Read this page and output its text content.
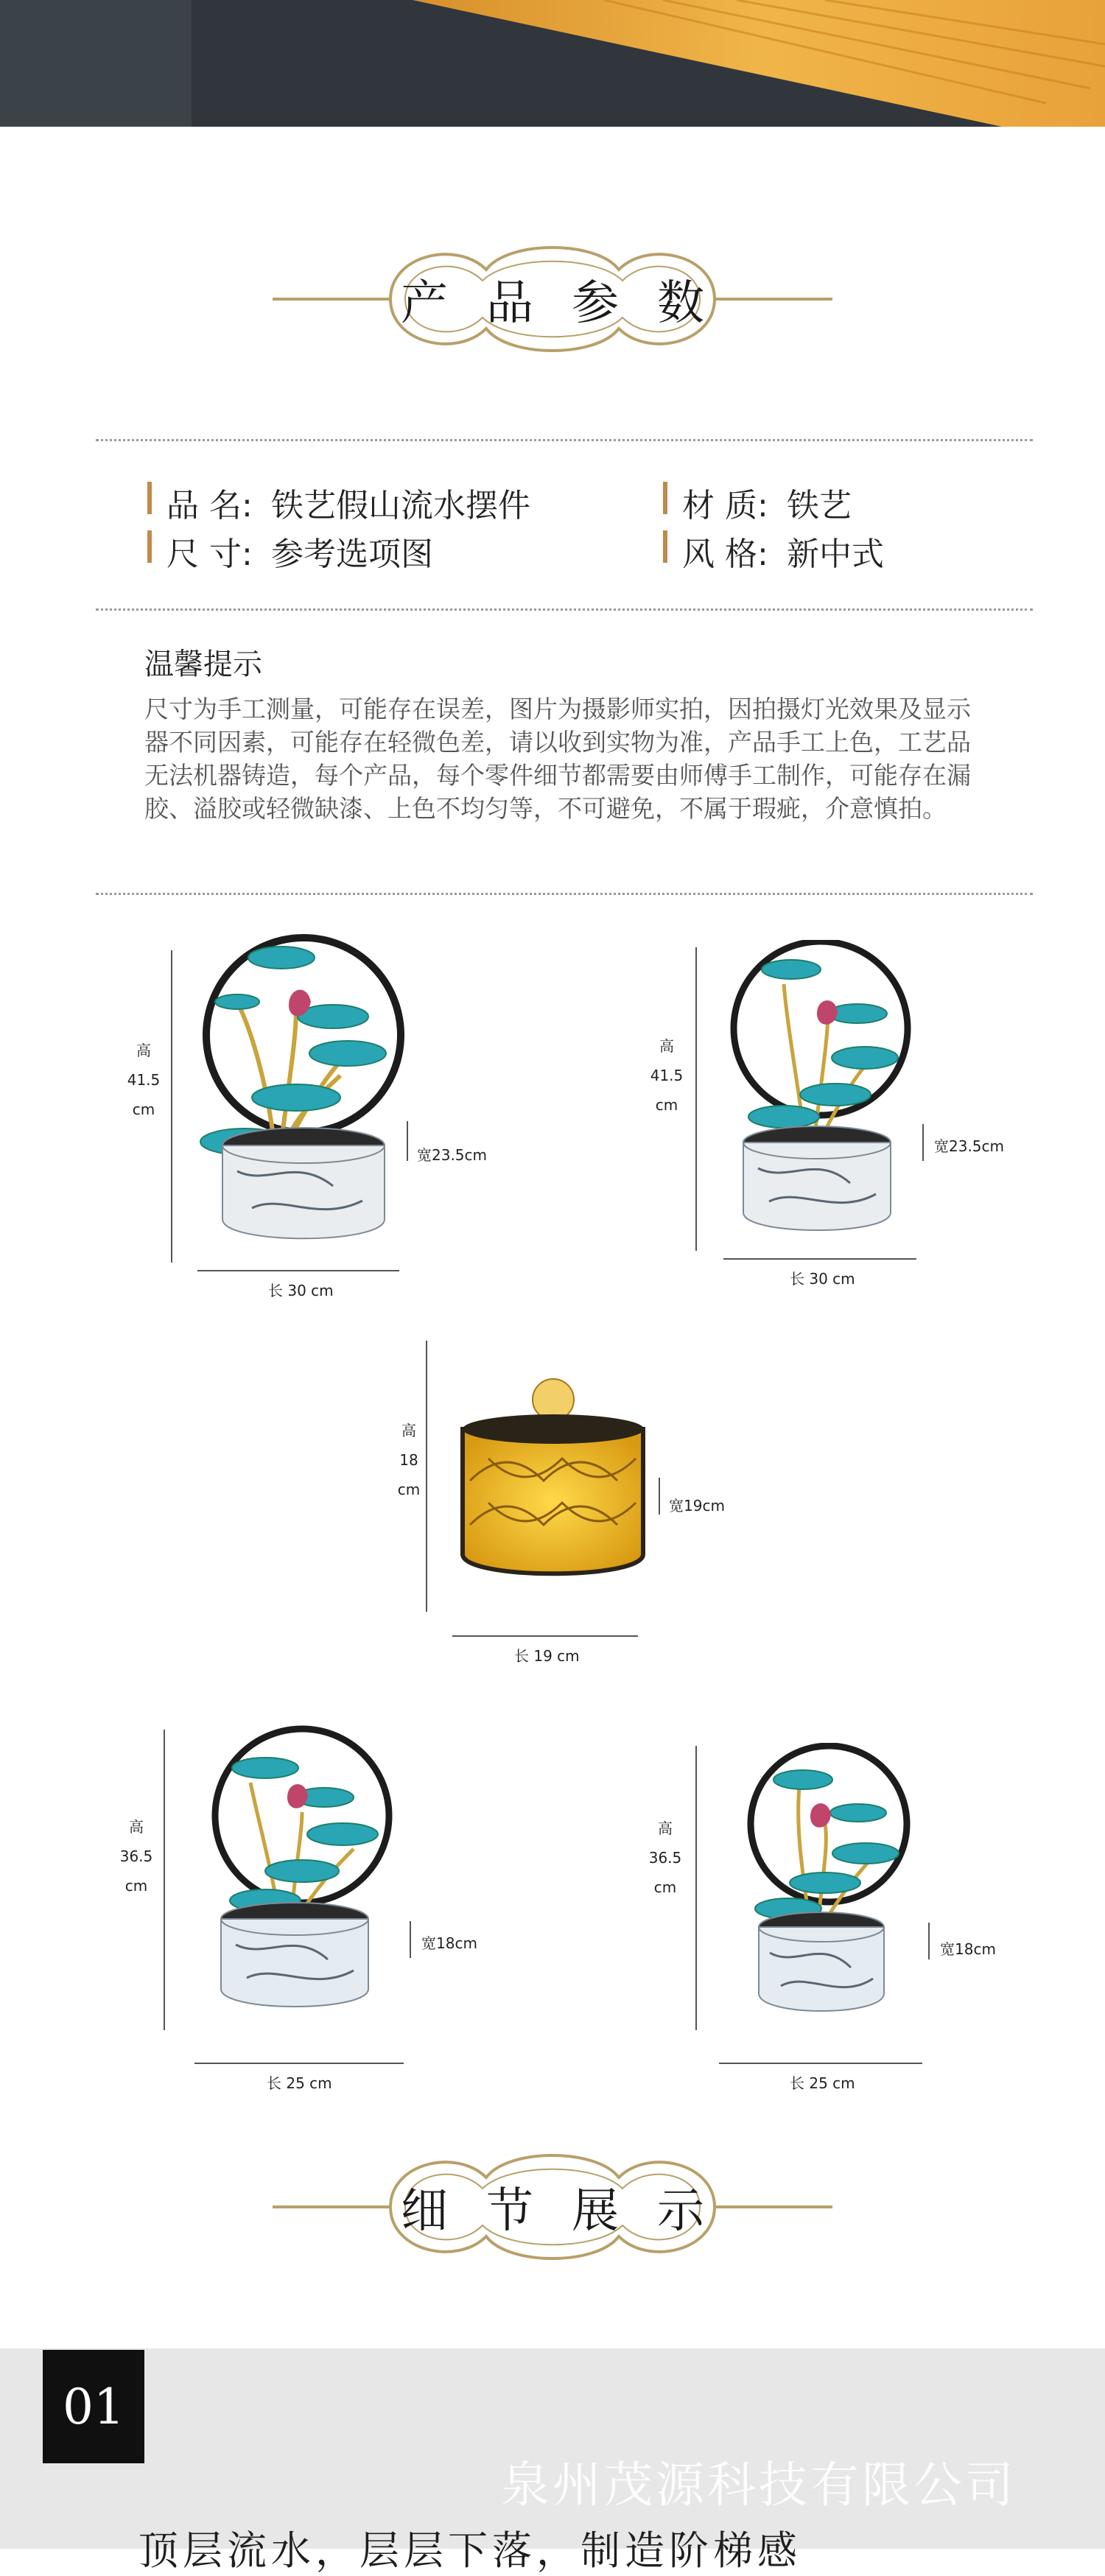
产品参数
品 名: 铁艺假山流水摆件	材 质: 铁艺
尺 寸: 参考选项图	风 格: 新中式
温馨提示
尺寸为手工测量，可能存在误差，图片为摄影师实拍，因拍摄灯光效果及显示器不同因素，可能存在轻微色差，请以收到实物为准，产品手工上色，工艺品无法机器铸造，每个产品，每个零件细节都需要由师傅手工制作，可能存在漏胶、溢胶或轻微缺漆、上色不均匀等，不可避免，不属于瑕疵，介意慎拍。
高
41.5
cm
宽23.5cm
长 30 cm
高
41.5
cm
宽23.5cm
长 30 cm
高
18
cm
宽19cm
长 19 cm
高
36.5
cm
宽18cm
长 25 cm
高
36.5
cm
宽18cm
长 25 cm
细节展示
01
泉州茂源科技有限公司
顶层流水，层层下落，制造阶梯感
